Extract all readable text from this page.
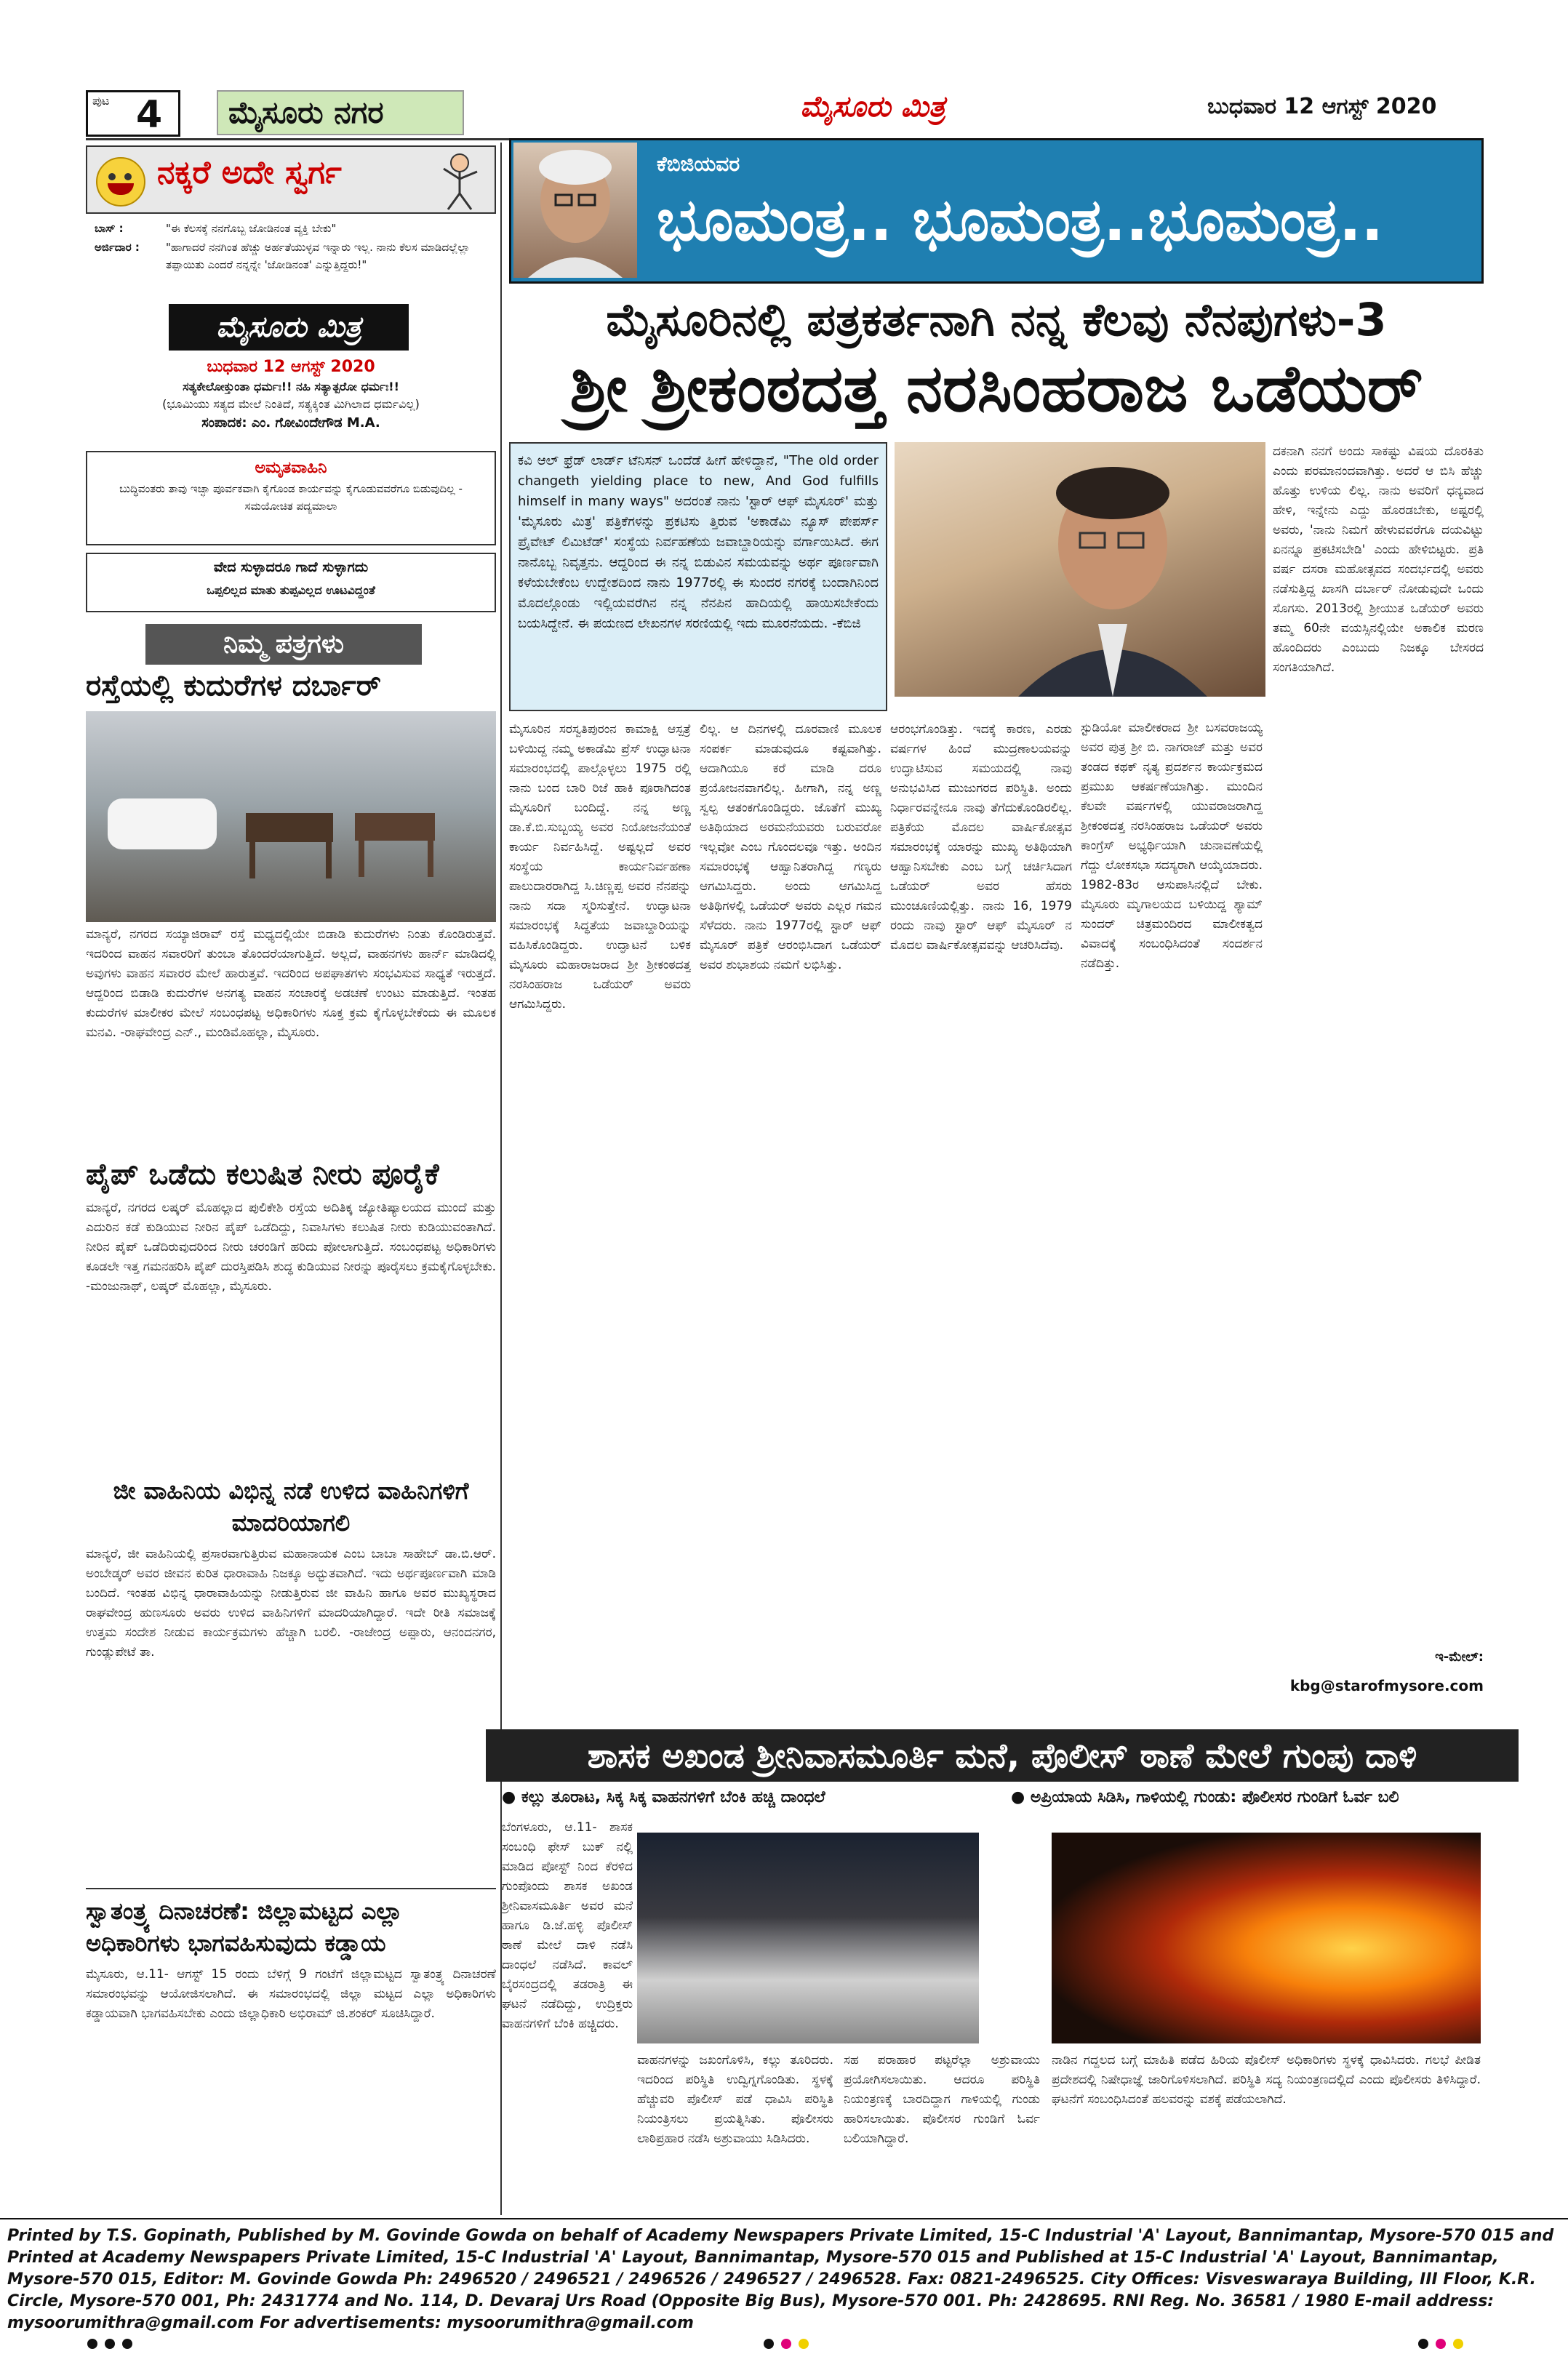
ಪುಟ 4	ಮೈಸೂರು ನಗರ	ಮೈಸೂರು ಮಿತ್ರ	ಬುಧವಾರ 12 ಆಗಸ್ಟ್ 2020
ನಕ್ಕರೆ ಅದೇ ಸ್ವರ್ಗ
ಬಾಸ್ :	"ಈ ಕೆಲಸಕ್ಕೆ ನನಗೊಬ್ಬ ಜೋಡಿನಂತ ವ್ಯಕ್ತಿ ಬೇಕು"
ಅರ್ಜಿದಾರ :	"ಹಾಗಾದರೆ ನನಗಿಂತ ಹೆಚ್ಚು ಅರ್ಹತೆಯುಳ್ಳವ ಇನ್ನಾರು ಇಲ್ಲ. ನಾನು ಕೆಲಸ ಮಾಡಿದಲ್ಲೆಲ್ಲಾ ತಪ್ಪಾಯಿತು ಎಂದರೆ ನನ್ನನ್ನೇ 'ಜೋಡಿನಂತ' ಎನ್ನುತ್ತಿದ್ದರು!"
ಮೈಸೂರು ಮಿತ್ರ
ಬುಧವಾರ 12 ಆಗಸ್ಟ್ 2020
ಸತ್ಯಕೇಲೋಕ್ತುಂತಾ ಧರ್ಮಃ!! ನಹಿ ಸತ್ಯಾತ್ಪರೋ ಧರ್ಮಃ!!
(ಭೂಮಿಯು ಸತ್ಯದ ಮೇಲೆ ನಿಂತಿದೆ, ಸತ್ಯಕ್ಕಿಂತ ಮಿಗಿಲಾದ ಧರ್ಮವಿಲ್ಲ)
ಸಂಪಾದಕ: ಎಂ. ಗೋವಿಂದೇಗೌಡ M.A.
ಅಮೃತವಾಹಿನಿ
ಬುದ್ಧಿವಂತರು ತಾವು ಇಚ್ಛಾ ಪೂರ್ವಕವಾಗಿ ಕೈಗೊಂಡ ಕಾರ್ಯವನ್ನು ಕೈಗೂಡುವವರೆಗೂ ಬಿಡುವುದಿಲ್ಲ - ಸಮಯೋಚಿತ ಪದ್ಯಮಾಲಾ
ವೇದ ಸುಳ್ಳಾದರೂ ಗಾದೆ ಸುಳ್ಳಾಗದು
ಒಪ್ಪಲಿಲ್ಲದ ಮಾತು ತುಪ್ಪವಿಲ್ಲದ ಊಟವಿದ್ದಂತೆ
ನಿಮ್ಮ ಪತ್ರಗಳು
ರಸ್ತೆಯಲ್ಲಿ ಕುದುರೆಗಳ ದರ್ಬಾರ್
ಮಾನ್ಯರೆ, ನಗರದ ಸಯ್ಯಾಜಿರಾವ್ ರಸ್ತೆ ಮಧ್ಯದಲ್ಲಿಯೇ ಬಿಡಾಡಿ ಕುದುರೆಗಳು ನಿಂತು ಕೊಂಡಿರುತ್ತವೆ. ಇದರಿಂದ ವಾಹನ ಸವಾರರಿಗೆ ತುಂಬಾ ತೊಂದರೆಯಾಗುತ್ತಿದೆ. ಅಲ್ಲದೆ, ವಾಹನಗಳು ಹಾರ್ನ್ ಮಾಡಿದಲ್ಲಿ ಅವುಗಳು ವಾಹನ ಸವಾರರ ಮೇಲೆ ಹಾರುತ್ತವೆ. ಇದರಿಂದ ಅಪಘಾತಗಳು ಸಂಭವಿಸುವ ಸಾಧ್ಯತೆ ಇರುತ್ತದೆ. ಆದ್ದರಿಂದ ಬಿಡಾಡಿ ಕುದುರೆಗಳ ಅನಗತ್ಯ ವಾಹನ ಸಂಚಾರಕ್ಕೆ ಅಡಚಣೆ ಉಂಟು ಮಾಡುತ್ತಿದೆ. ಇಂತಹ ಕುದುರೆಗಳ ಮಾಲೀಕರ ಮೇಲೆ ಸಂಬಂಧಪಟ್ಟ ಅಧಿಕಾರಿಗಳು ಸೂಕ್ತ ಕ್ರಮ ಕೈಗೊಳ್ಳಬೇಕೆಂದು ಈ ಮೂಲಕ ಮನವಿ. -ರಾಘವೇಂದ್ರ ಎನ್., ಮಂಡಿಮೊಹಲ್ಲಾ, ಮೈಸೂರು.
ಪೈಪ್ ಒಡೆದು ಕಲುಷಿತ ನೀರು ಪೂರೈಕೆ
ಮಾನ್ಯರೆ, ನಗರದ ಲಷ್ಕರ್ ಮೊಹಲ್ಲಾದ ಪುಲಿಕೇಶಿ ರಸ್ತೆಯ ಅದಿತಿಕ್ಕ ಜ್ಯೋತಿಷ್ಯಾಲಯದ ಮುಂದೆ ಮತ್ತು ಎದುರಿನ ಕಡೆ ಕುಡಿಯುವ ನೀರಿನ ಪೈಪ್ ಒಡೆದಿದ್ದು, ನಿವಾಸಿಗಳು ಕಲುಷಿತ ನೀರು ಕುಡಿಯುವಂತಾಗಿದೆ. ನೀರಿನ ಪೈಪ್ ಒಡೆದಿರುವುದರಿಂದ ನೀರು ಚರಂಡಿಗೆ ಹರಿದು ಪೋಲಾಗುತ್ತಿದೆ. ಸಂಬಂಧಪಟ್ಟ ಅಧಿಕಾರಿಗಳು ಕೂಡಲೇ ಇತ್ತ ಗಮನಹರಿಸಿ ಪೈಪ್ ದುರಸ್ತಿಪಡಿಸಿ ಶುದ್ಧ ಕುಡಿಯುವ ನೀರನ್ನು ಪೂರೈಸಲು ಕ್ರಮಕೈಗೊಳ್ಳಬೇಕು. -ಮಂಜುನಾಥ್, ಲಷ್ಕರ್ ಮೊಹಲ್ಲಾ, ಮೈಸೂರು.
ಜೀ ವಾಹಿನಿಯ ವಿಭಿನ್ನ ನಡೆ ಉಳಿದ ವಾಹಿನಿಗಳಿಗೆ ಮಾದರಿಯಾಗಲಿ
ಮಾನ್ಯರೆ, ಜೀ ವಾಹಿನಿಯಲ್ಲಿ ಪ್ರಸಾರವಾಗುತ್ತಿರುವ ಮಹಾನಾಯಕ ಎಂಬ ಬಾಬಾ ಸಾಹೇಬ್ ಡಾ.ಬಿ.ಆರ್. ಅಂಬೇಡ್ಕರ್ ಅವರ ಜೀವನ ಕುರಿತ ಧಾರಾವಾಹಿ ನಿಜಕ್ಕೂ ಅದ್ಭುತವಾಗಿದೆ. ಇದು ಅರ್ಥಪೂರ್ಣವಾಗಿ ಮಾಡಿ ಬಂದಿದೆ. ಇಂತಹ ವಿಭಿನ್ನ ಧಾರಾವಾಹಿಯನ್ನು ನೀಡುತ್ತಿರುವ ಜೀ ವಾಹಿನಿ ಹಾಗೂ ಅವರ ಮುಖ್ಯಸ್ಥರಾದ ರಾಘವೇಂದ್ರ ಹುಣಸೂರು ಅವರು ಉಳಿದ ವಾಹಿನಿಗಳಿಗೆ ಮಾದರಿಯಾಗಿದ್ದಾರೆ. ಇದೇ ರೀತಿ ಸಮಾಜಕ್ಕೆ ಉತ್ತಮ ಸಂದೇಶ ನೀಡುವ ಕಾರ್ಯಕ್ರಮಗಳು ಹೆಚ್ಚಾಗಿ ಬರಲಿ. -ರಾಜೇಂದ್ರ ಅಪ್ಪಾರು, ಆನಂದನಗರ, ಗುಂಡ್ಲುಪೇಟೆ ತಾ.
ಸ್ವಾತಂತ್ರ್ಯ ದಿನಾಚರಣೆ: ಜಿಲ್ಲಾಮಟ್ಟದ ಎಲ್ಲಾ ಅಧಿಕಾರಿಗಳು ಭಾಗವಹಿಸುವುದು ಕಡ್ಡಾಯ
ಮೈಸೂರು, ಆ.11- ಆಗಸ್ಟ್ 15 ರಂದು ಬೆಳಿಗ್ಗೆ 9 ಗಂಟೆಗೆ ಜಿಲ್ಲಾಮಟ್ಟದ ಸ್ವಾತಂತ್ರ್ಯ ದಿನಾಚರಣೆ ಸಮಾರಂಭವನ್ನು ಆಯೋಜಿಸಲಾಗಿದೆ. ಈ ಸಮಾರಂಭದಲ್ಲಿ ಜಿಲ್ಲಾ ಮಟ್ಟದ ಎಲ್ಲಾ ಅಧಿಕಾರಿಗಳು ಕಡ್ಡಾಯವಾಗಿ ಭಾಗವಹಿಸಬೇಕು ಎಂದು ಜಿಲ್ಲಾಧಿಕಾರಿ ಅಭಿರಾಮ್ ಜಿ.ಶಂಕರ್ ಸೂಚಿಸಿದ್ದಾರೆ.
ಕೆಬಿಜಿಯವರ
ಭೂಮಂತ್ರ.. ಭೂಮಂತ್ರ..ಭೂಮಂತ್ರ..
ಮೈಸೂರಿನಲ್ಲಿ ಪತ್ರಕರ್ತನಾಗಿ ನನ್ನ ಕೆಲವು ನೆನಪುಗಳು-3
ಶ್ರೀ ಶ್ರೀಕಂಠದತ್ತ ನರಸಿಂಹರಾಜ ಒಡೆಯರ್
ಕವಿ ಆಲ್ ಫ್ರೆಡ್ ಲಾರ್ಡ್ ಟೆನಿಸನ್ ಒಂದೆಡೆ ಹೀಗೆ ಹೇಳಿದ್ದಾನೆ, "The old order changeth yielding place to new, And God fulfills himself in many ways" ಅದರಂತೆ ನಾನು 'ಸ್ಟಾರ್ ಆಫ್ ಮೈಸೂರ್' ಮತ್ತು 'ಮೈಸೂರು ಮಿತ್ರ' ಪತ್ರಿಕೆಗಳನ್ನು ಪ್ರಕಟಿಸು ತ್ತಿರುವ 'ಅಕಾಡೆಮಿ ನ್ಯೂಸ್ ಪೇಪರ್ಸ್ ಪ್ರೈವೇಟ್ ಲಿಮಿಟೆಡ್' ಸಂಸ್ಥೆಯ ನಿರ್ವಹಣೆಯ ಜವಾಬ್ದಾರಿಯನ್ನು ವರ್ಗಾಯಿಸಿದೆ. ಈಗ ನಾನೊಬ್ಬ ನಿವೃತ್ತನು. ಆದ್ದರಿಂದ ಈ ನನ್ನ ಬಿಡುವಿನ ಸಮಯವನ್ನು ಅರ್ಥ ಪೂರ್ಣವಾಗಿ ಕಳೆಯಬೇಕೆಂಬ ಉದ್ದೇಶದಿಂದ ನಾನು 1977ರಲ್ಲಿ ಈ ಸುಂದರ ನಗರಕ್ಕೆ ಬಂದಾಗಿನಿಂದ ಮೊದಲ್ಗೊಂಡು ಇಲ್ಲಿಯವರೆಗಿನ ನನ್ನ ನೆನಪಿನ ಹಾದಿಯಲ್ಲಿ ಹಾಯಿಸಬೇಕೆಂದು ಬಯಸಿದ್ದೇನೆ. ಈ ಪಯಣದ ಲೇಖನಗಳ ಸರಣಿಯಲ್ಲಿ ಇದು ಮೂರನೆಯದು. -ಕೆಬಿಜಿ
ಮೈಸೂರಿನ ಸರಸ್ವತಿಪುರಂನ ಕಾಮಾಕ್ಷಿ ಆಸ್ಪತ್ರೆ ಬಳಿಯಿದ್ದ ನಮ್ಮ ಅಕಾಡೆಮಿ ಪ್ರೆಸ್ ಉದ್ಘಾಟನಾ ಸಮಾರಂಭದಲ್ಲಿ ಪಾಲ್ಗೊಳ್ಳಲು 1975 ರಲ್ಲಿ ನಾನು ಬಂದ ಬಾರಿ ರಿಜೆ ಹಾಕಿ ಪೂರಾಗಿದಂತ ಮೈಸೂರಿಗೆ ಬಂದಿದ್ದೆ. ನನ್ನ ಅಣ್ಣ ಡಾ.ಕೆ.ಬಿ.ಸುಬ್ಬಯ್ಯ ಅವರ ನಿಯೋಜನೆಯಂತೆ ಕಾರ್ಯ ನಿರ್ವಹಿಸಿದ್ದೆ. ಅಷ್ಟಲ್ಲದೆ ಅವರ ಸಂಸ್ಥೆಯ ಕಾರ್ಯನಿರ್ವಹಣಾ ಪಾಲುದಾರರಾಗಿದ್ದ ಸಿ.ಚಿಣ್ಣಪ್ಪ ಅವರ ನೆನಪನ್ನು ನಾನು ಸದಾ ಸ್ಮರಿಸುತ್ತೇನೆ. ಉದ್ಘಾಟನಾ ಸಮಾರಂಭಕ್ಕೆ ಸಿದ್ಧತೆಯ ಜವಾಬ್ದಾರಿಯನ್ನು ವಹಿಸಿಕೊಂಡಿದ್ದರು. ಉದ್ಘಾಟನೆ ಬಳಿಕ ಮೈಸೂರು ಮಹಾರಾಜರಾದ ಶ್ರೀ ಶ್ರೀಕಂಠದತ್ತ ನರಸಿಂಹರಾಜ ಒಡೆಯರ್ ಅವರು ಆಗಮಿಸಿದ್ದರು.
ಲಿಲ್ಲ. ಆ ದಿನಗಳಲ್ಲಿ ದೂರವಾಣಿ ಮೂಲಕ ಸಂಪರ್ಕ ಮಾಡುವುದೂ ಕಷ್ಟವಾಗಿತ್ತು. ಆದಾಗಿಯೂ ಕರೆ ಮಾಡಿ ದರೂ ಪ್ರಯೋಜನವಾಗಲಿಲ್ಲ. ಹೀಗಾಗಿ, ನನ್ನ ಅಣ್ಣ ಸ್ವಲ್ಪ ಆತಂಕಗೊಂಡಿದ್ದರು. ಜೊತೆಗೆ ಮುಖ್ಯ ಅತಿಥಿಯಾದ ಅರಮನೆಯವರು ಬರುವರೋ ಇಲ್ಲವೋ ಎಂಬ ಗೊಂದಲವೂ ಇತ್ತು. ಅಂದಿನ ಸಮಾರಂಭಕ್ಕೆ ಆಹ್ವಾನಿತರಾಗಿದ್ದ ಗಣ್ಯರು ಆಗಮಿಸಿದ್ದರು. ಅಂದು ಆಗಮಿಸಿದ್ದ ಅತಿಥಿಗಳಲ್ಲಿ ಒಡೆಯರ್ ಅವರು ಎಲ್ಲರ ಗಮನ ಸೆಳೆದರು. ನಾನು 1977ರಲ್ಲಿ ಸ್ಟಾರ್ ಆಫ್ ಮೈಸೂರ್ ಪತ್ರಿಕೆ ಆರಂಭಿಸಿದಾಗ ಒಡೆಯರ್ ಅವರ ಶುಭಾಶಯ ನಮಗೆ ಲಭಿಸಿತ್ತು.
ಆರಂಭಗೊಂಡಿತ್ತು. ಇದಕ್ಕೆ ಕಾರಣ, ಎರಡು ವರ್ಷಗಳ ಹಿಂದೆ ಮುದ್ರಣಾಲಯವನ್ನು ಉದ್ಘಾಟಿಸುವ ಸಮಯದಲ್ಲಿ ನಾವು ಅನುಭವಿಸಿದ ಮುಜುಗರದ ಪರಿಸ್ಥಿತಿ. ಅಂದು ನಿರ್ಧಾರವನ್ನೇನೂ ನಾವು ತೆಗೆದುಕೊಂಡಿರಲಿಲ್ಲ. ಪತ್ರಿಕೆಯ ಮೊದಲ ವಾರ್ಷಿಕೋತ್ಸವ ಸಮಾರಂಭಕ್ಕೆ ಯಾರನ್ನು ಮುಖ್ಯ ಅತಿಥಿಯಾಗಿ ಆಹ್ವಾನಿಸಬೇಕು ಎಂಬ ಬಗ್ಗೆ ಚರ್ಚಿಸಿದಾಗ ಒಡೆಯರ್ ಅವರ ಹೆಸರು ಮುಂಚೂಣಿಯಲ್ಲಿತ್ತು. ನಾನು 16, 1979 ರಂದು ನಾವು ಸ್ಟಾರ್ ಆಫ್ ಮೈಸೂರ್ ನ ಮೊದಲ ವಾರ್ಷಿಕೋತ್ಸವವನ್ನು ಆಚರಿಸಿದೆವು.
ಸ್ಟುಡಿಯೋ ಮಾಲೀಕರಾದ ಶ್ರೀ ಬಸವರಾಜಯ್ಯ ಅವರ ಪುತ್ರ ಶ್ರೀ ಬಿ. ನಾಗರಾಜ್ ಮತ್ತು ಅವರ ತಂಡದ ಕಥಕ್ ನೃತ್ಯ ಪ್ರದರ್ಶನ ಕಾರ್ಯಕ್ರಮದ ಪ್ರಮುಖ ಆಕರ್ಷಣೆಯಾಗಿತ್ತು. ಮುಂದಿನ ಕೆಲವೇ ವರ್ಷಗಳಲ್ಲಿ ಯುವರಾಜರಾಗಿದ್ದ ಶ್ರೀಕಂಠದತ್ತ ನರಸಿಂಹರಾಜ ಒಡೆಯರ್ ಅವರು ಕಾಂಗ್ರೆಸ್ ಅಭ್ಯರ್ಥಿಯಾಗಿ ಚುನಾವಣೆಯಲ್ಲಿ ಗೆದ್ದು ಲೋಕಸಭಾ ಸದಸ್ಯರಾಗಿ ಆಯ್ಕೆಯಾದರು. 1982-83ರ ಆಸುಪಾಸಿನಲ್ಲಿದೆ ಬೇಕು. ಮೈಸೂರು ಮೃಗಾಲಯದ ಬಳಿಯಿದ್ದ ಶ್ಯಾಮ್ ಸುಂದರ್ ಚಿತ್ರಮಂದಿರದ ಮಾಲೀಕತ್ವದ ವಿವಾದಕ್ಕೆ ಸಂಬಂಧಿಸಿದಂತೆ ಸಂದರ್ಶನ ನಡೆದಿತ್ತು.
ದಕನಾಗಿ ನನಗೆ ಅಂದು ಸಾಕಷ್ಟು ವಿಷಯ ದೊರಕಿತು ಎಂದು ಪರಮಾನಂದವಾಗಿತ್ತು. ಅದರೆ ಆ ಬಿಸಿ ಹೆಚ್ಚು ಹೊತ್ತು ಉಳಿಯ ಲಿಲ್ಲ. ನಾನು ಅವರಿಗೆ ಧನ್ಯವಾದ ಹೇಳಿ, ಇನ್ನೇನು ಎದ್ದು ಹೊರಡಬೇಕು, ಅಷ್ಟರಲ್ಲಿ ಅವರು, 'ನಾನು ನಿಮಗೆ ಹೇಳುವವರೆಗೂ ದಯವಿಟ್ಟು ಏನನ್ನೂ ಪ್ರಕಟಿಸಬೇಡಿ' ಎಂದು ಹೇಳಿಬಿಟ್ಟರು. ಪ್ರತಿ ವರ್ಷ ದಸರಾ ಮಹೋತ್ಸವದ ಸಂದರ್ಭದಲ್ಲಿ ಅವರು ನಡೆಸುತ್ತಿದ್ದ ಖಾಸಗಿ ದರ್ಬಾರ್ ನೋಡುವುದೇ ಒಂದು ಸೊಗಸು. 2013ರಲ್ಲಿ ಶ್ರೀಯುತ ಒಡೆಯರ್ ಅವರು ತಮ್ಮ 60ನೇ ವಯಸ್ಸಿನಲ್ಲಿಯೇ ಅಕಾಲಿಕ ಮರಣ ಹೊಂದಿದರು ಎಂಬುದು ನಿಜಕ್ಕೂ ಬೇಸರದ ಸಂಗತಿಯಾಗಿದೆ.
ಇ-ಮೇಲ್:
kbg@starofmysore.com
ಶಾಸಕ ಅಖಂಡ ಶ್ರೀನಿವಾಸಮೂರ್ತಿ ಮನೆ, ಪೊಲೀಸ್ ಠಾಣೆ ಮೇಲೆ ಗುಂಪು ದಾಳಿ
● ಕಲ್ಲು ತೂರಾಟ, ಸಿಕ್ಕ ಸಿಕ್ಕ ವಾಹನಗಳಿಗೆ ಬೆಂಕಿ ಹಚ್ಚಿ ದಾಂಧಲೆ	● ಅಪ್ರಿಯಾಯ ಸಿಡಿಸಿ, ಗಾಳಿಯಲ್ಲಿ ಗುಂಡು: ಪೊಲೀಸರ ಗುಂಡಿಗೆ ಓರ್ವ ಬಲಿ
ಬೆಂಗಳೂರು, ಆ.11- ಶಾಸಕ ಸಂಬಂಧಿ ಫೇಸ್ ಬುಕ್ ನಲ್ಲಿ ಮಾಡಿದ ಪೋಸ್ಟ್ ನಿಂದ ಕೆರಳಿದ ಗುಂಪೊಂದು ಶಾಸಕ ಅಖಂಡ ಶ್ರೀನಿವಾಸಮೂರ್ತಿ ಅವರ ಮನೆ ಹಾಗೂ ಡಿ.ಜೆ.ಹಳ್ಳಿ ಪೊಲೀಸ್ ಠಾಣೆ ಮೇಲೆ ದಾಳಿ ನಡೆಸಿ ದಾಂಧಲೆ ನಡೆಸಿದೆ. ಕಾವಲ್ ಬೈರಸಂದ್ರದಲ್ಲಿ ತಡರಾತ್ರಿ ಈ ಘಟನೆ ನಡೆದಿದ್ದು, ಉದ್ರಿಕ್ತರು ವಾಹನಗಳಿಗೆ ಬೆಂಕಿ ಹಚ್ಚಿದರು.
ವಾಹನಗಳನ್ನು ಜಖಂಗೊಳಿಸಿ, ಕಲ್ಲು ತೂರಿದರು. ಇದರಿಂದ ಪರಿಸ್ಥಿತಿ ಉದ್ವಿಗ್ನಗೊಂಡಿತು. ಸ್ಥಳಕ್ಕೆ ಹೆಚ್ಚುವರಿ ಪೊಲೀಸ್ ಪಡೆ ಧಾವಿಸಿ ಪರಿಸ್ಥಿತಿ ನಿಯಂತ್ರಿಸಲು ಪ್ರಯತ್ನಿಸಿತು. ಪೊಲೀಸರು ಲಾಠಿಪ್ರಹಾರ ನಡೆಸಿ ಅಶ್ರುವಾಯು ಸಿಡಿಸಿದರು.
ಸಹ ಪರಾಹಾರ ಪಟ್ಟರೆಲ್ಲಾ ಅಶ್ರುವಾಯು ಪ್ರಯೋಗಿಸಲಾಯಿತು. ಆದರೂ ಪರಿಸ್ಥಿತಿ ನಿಯಂತ್ರಣಕ್ಕೆ ಬಾರದಿದ್ದಾಗ ಗಾಳಿಯಲ್ಲಿ ಗುಂಡು ಹಾರಿಸಲಾಯಿತು. ಪೊಲೀಸರ ಗುಂಡಿಗೆ ಓರ್ವ ಬಲಿಯಾಗಿದ್ದಾರೆ.
ನಾಡಿನ ಗದ್ದಲದ ಬಗ್ಗೆ ಮಾಹಿತಿ ಪಡೆದ ಹಿರಿಯ ಪೊಲೀಸ್ ಅಧಿಕಾರಿಗಳು ಸ್ಥಳಕ್ಕೆ ಧಾವಿಸಿದರು. ಗಲಭೆ ಪೀಡಿತ ಪ್ರದೇಶದಲ್ಲಿ ನಿಷೇಧಾಜ್ಞೆ ಜಾರಿಗೊಳಿಸಲಾಗಿದೆ. ಪರಿಸ್ಥಿತಿ ಸದ್ಯ ನಿಯಂತ್ರಣದಲ್ಲಿದೆ ಎಂದು ಪೊಲೀಸರು ತಿಳಿಸಿದ್ದಾರೆ. ಘಟನೆಗೆ ಸಂಬಂಧಿಸಿದಂತೆ ಹಲವರನ್ನು ವಶಕ್ಕೆ ಪಡೆಯಲಾಗಿದೆ.
Printed by T.S. Gopinath, Published by M. Govinde Gowda on behalf of Academy Newspapers Private Limited, 15-C Industrial 'A' Layout, Bannimantap, Mysore-570 015 and Printed at Academy Newspapers Private Limited, 15-C Industrial 'A' Layout, Bannimantap, Mysore-570 015 and Published at 15-C Industrial 'A' Layout, Bannimantap, Mysore-570 015, Editor: M. Govinde Gowda Ph: 2496520 / 2496521 / 2496526 / 2496527 / 2496528. Fax: 0821-2496525. City Offices: Visveswaraya Building, III Floor, K.R. Circle, Mysore-570 001, Ph: 2431774 and No. 114, D. Devaraj Urs Road (Opposite Big Bus), Mysore-570 001. Ph: 2428695. RNI Reg. No. 36581 / 1980 E-mail address: mysoorumithra@gmail.com For advertisements: mysoorumithra@gmail.com
